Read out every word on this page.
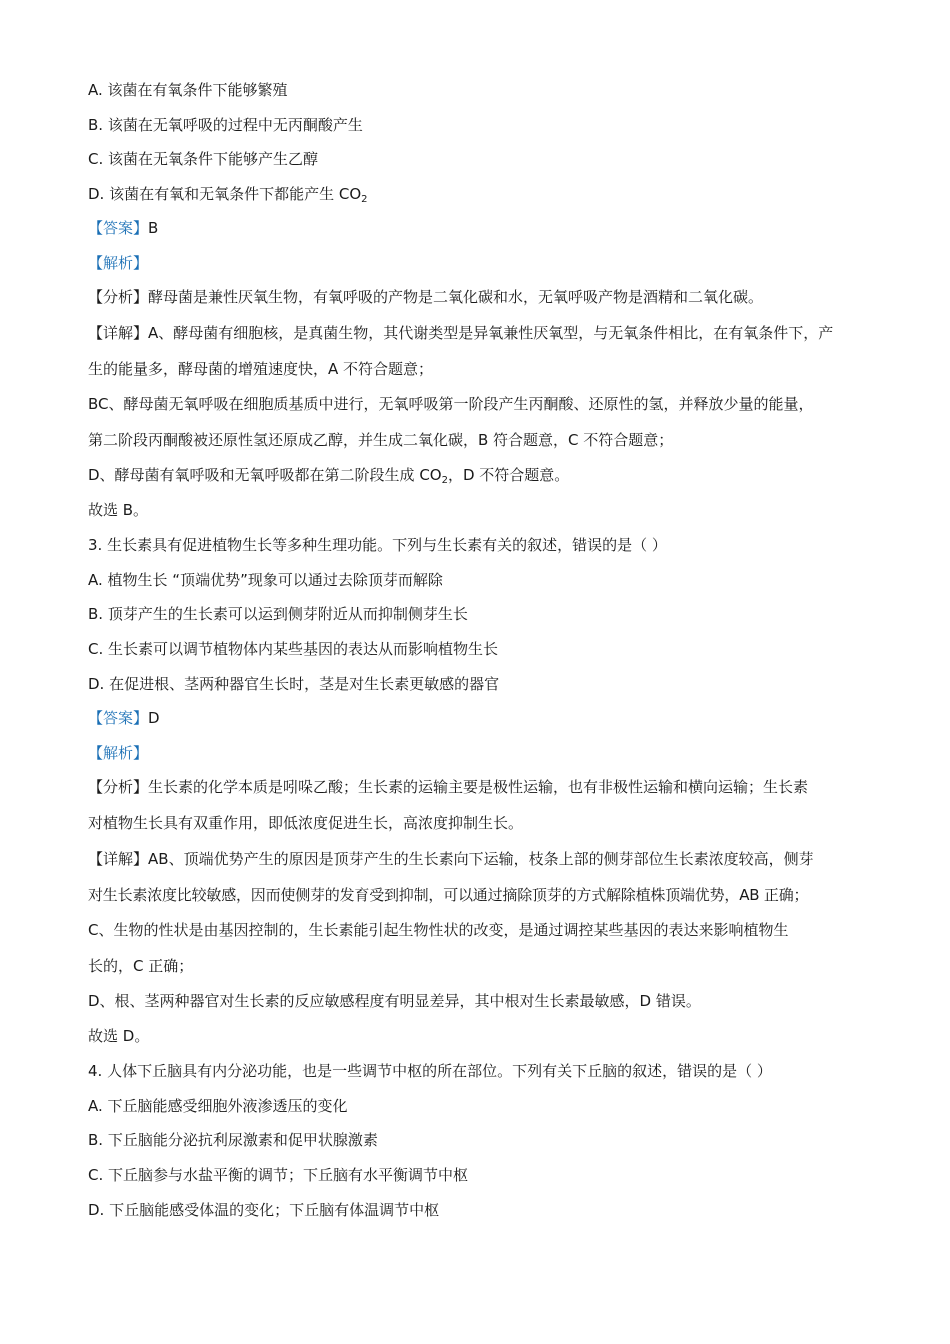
A. 该菌在有氧条件下能够繁殖
B. 该菌在无氧呼吸的过程中无丙酮酸产生
C. 该菌在无氧条件下能够产生乙醇
D. 该菌在有氧和无氧条件下都能产生 $CO_2$
【答案】B
【解析】
【分析】酵母菌是兼性厌氧生物，有氧呼吸的产物是二氧化碳和水，无氧呼吸产物是酒精和二氧化碳。
【详解】A、酵母菌有细胞核，是真菌生物，其代谢类型是异氧兼性厌氧型，与无氧条件相比，在有氧条件下，产
生的能量多，酵母菌的增殖速度快，A 不符合题意；
BC、酵母菌无氧呼吸在细胞质基质中进行，无氧呼吸第一阶段产生丙酮酸、还原性的氢，并释放少量的能量，
第二阶段丙酮酸被还原性氢还原成乙醇，并生成二氧化碳，B 符合题意，C 不符合题意；
D、酵母菌有氧呼吸和无氧呼吸都在第二阶段生成 $CO_2$，D 不符合题意。
故选 B。
3. 生长素具有促进植物生长等多种生理功能。下列与生长素有关的叙述，错误的是（ ）
A. 植物生长 “顶端优势”现象可以通过去除顶芽而解除
B. 顶芽产生的生长素可以运到侧芽附近从而抑制侧芽生长
C. 生长素可以调节植物体内某些基因的表达从而影响植物生长
D. 在促进根、茎两种器官生长时，茎是对生长素更敏感的器官
【答案】D
【解析】
【分析】生长素的化学本质是吲哚乙酸；生长素的运输主要是极性运输，也有非极性运输和横向运输；生长素
对植物生长具有双重作用，即低浓度促进生长，高浓度抑制生长。
【详解】AB、顶端优势产生的原因是顶芽产生的生长素向下运输，枝条上部的侧芽部位生长素浓度较高，侧芽
对生长素浓度比较敏感，因而使侧芽的发育受到抑制，可以通过摘除顶芽的方式解除植株顶端优势，AB 正确；
C、生物的性状是由基因控制的，生长素能引起生物性状的改变，是通过调控某些基因的表达来影响植物生
长的，C 正确；
D、根、茎两种器官对生长素的反应敏感程度有明显差异，其中根对生长素最敏感，D 错误。
故选 D。
4. 人体下丘脑具有内分泌功能，也是一些调节中枢的所在部位。下列有关下丘脑的叙述，错误的是（ ）
A. 下丘脑能感受细胞外液渗透压的变化
B. 下丘脑能分泌抗利尿激素和促甲状腺激素
C. 下丘脑参与水盐平衡的调节；下丘脑有水平衡调节中枢
D. 下丘脑能感受体温的变化；下丘脑有体温调节中枢
